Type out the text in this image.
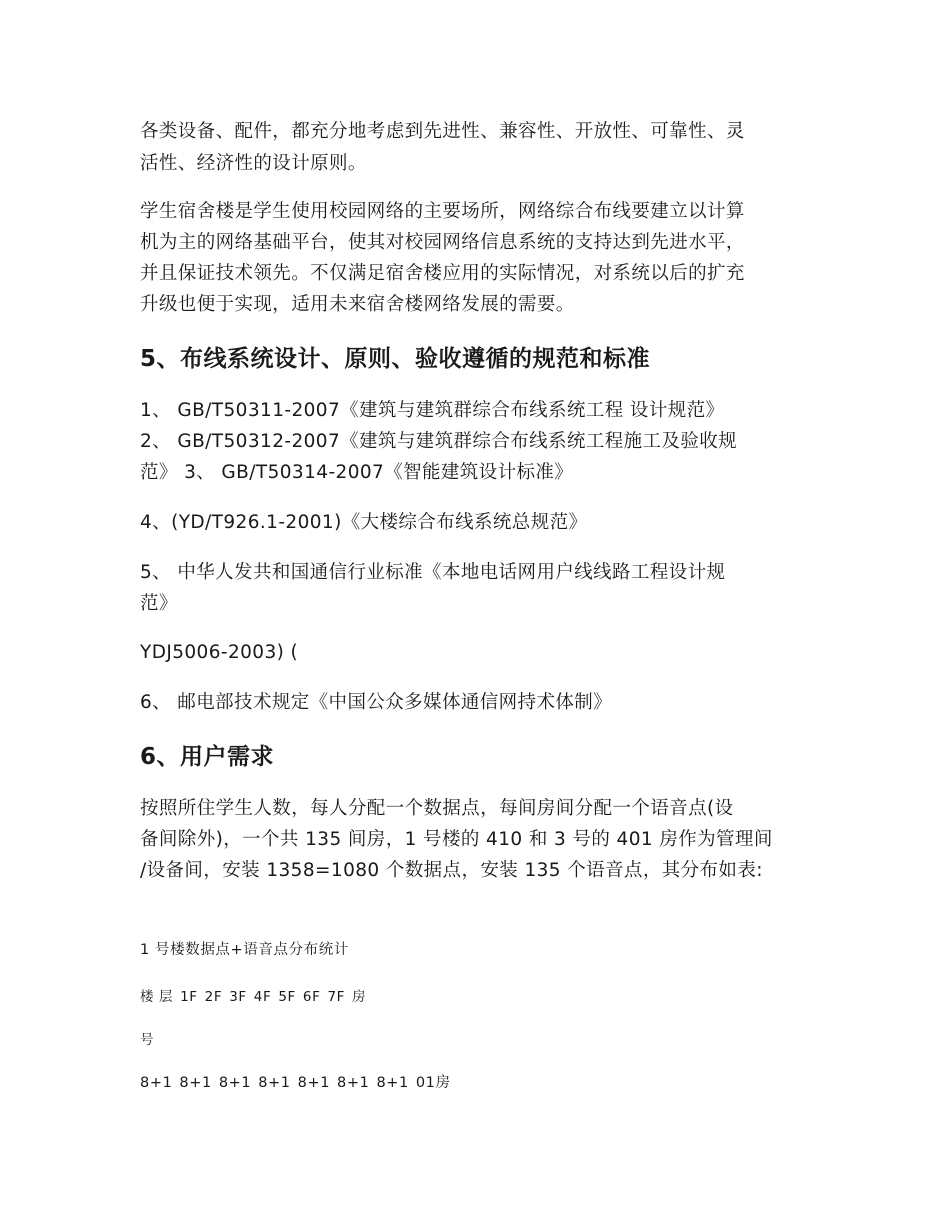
各类设备、配件，都充分地考虑到先进性、兼容性、开放性、可靠性、灵

活性、经济性的设计原则。

学生宿舍楼是学生使用校园网络的主要场所，网络综合布线要建立以计算

机为主的网络基础平台，使其对校园网络信息系统的支持达到先进水平，

并且保证技术领先。不仅满足宿舍楼应用的实际情况，对系统以后的扩充

升级也便于实现，适用未来宿舍楼网络发展的需要。

5、布线系统设计、原则、验收遵循的规范和标准

1、 GB/T50311-2007《建筑与建筑群综合布线系统工程 设计规范》

2、 GB/T50312-2007《建筑与建筑群综合布线系统工程施工及验收规

范》 3、 GB/T50314-2007《智能建筑设计标准》

4、(YD/T926.1-2001)《大楼综合布线系统总规范》

5、 中华人发共和国通信行业标准《本地电话网用户线线路工程设计规

范》

YDJ5006-2003) (

6、 邮电部技术规定《中国公众多媒体通信网持术体制》

6、用户需求

按照所住学生人数，每人分配一个数据点，每间房间分配一个语音点(设

备间除外)，一个共 135 间房，1 号楼的 410 和 3 号的 401 房作为管理间

/设备间，安装 1358=1080 个数据点，安装 135 个语音点，其分布如表:

1 号楼数据点+语音点分布统计

楼 层 1F 2F 3F 4F 5F 6F 7F 房

号

8+1 8+1 8+1 8+1 8+1 8+1 8+1 01房
